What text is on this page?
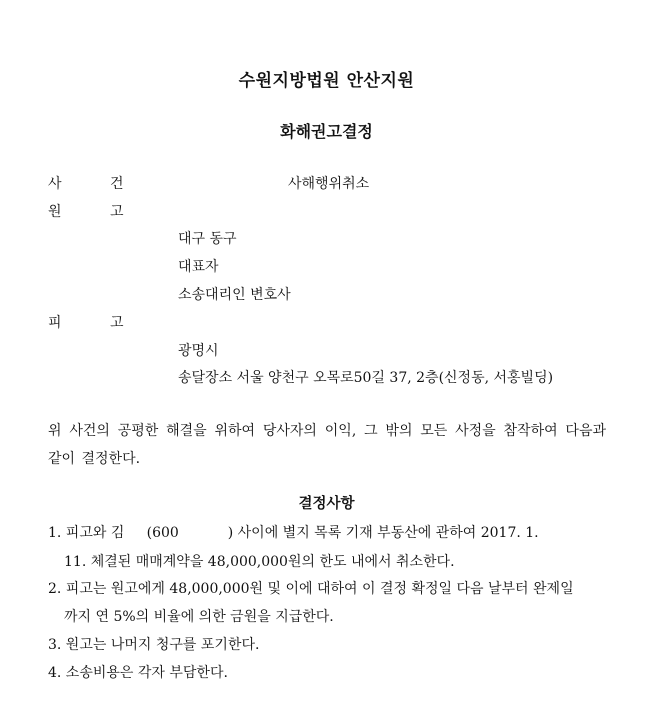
수원지방법원 안산지원
화해권고결정
사	건	사해행위취소
원	고
대구 동구
대표자
소송대리인 변호사
피	고
광명시
송달장소 서울 양천구 오목로50길 37, 2층(신정동, 서홍빌딩)
위 사건의 공평한 해결을 위하여 당사자의 이익, 그 밖의 모든 사정을 참작하여 다음과 같이 결정한다.
결정사항
1. 피고와 김     (600           ) 사이에 별지 목록 기재 부동산에 관하여 2017. 1.
11. 체결된 매매계약을 48,000,000원의 한도 내에서 취소한다.
2. 피고는 원고에게 48,000,000원 및 이에 대하여 이 결정 확정일 다음 날부터 완제일
까지 연 5%의 비율에 의한 금원을 지급한다.
3. 원고는 나머지 청구를 포기한다.
4. 소송비용은 각자 부담한다.
